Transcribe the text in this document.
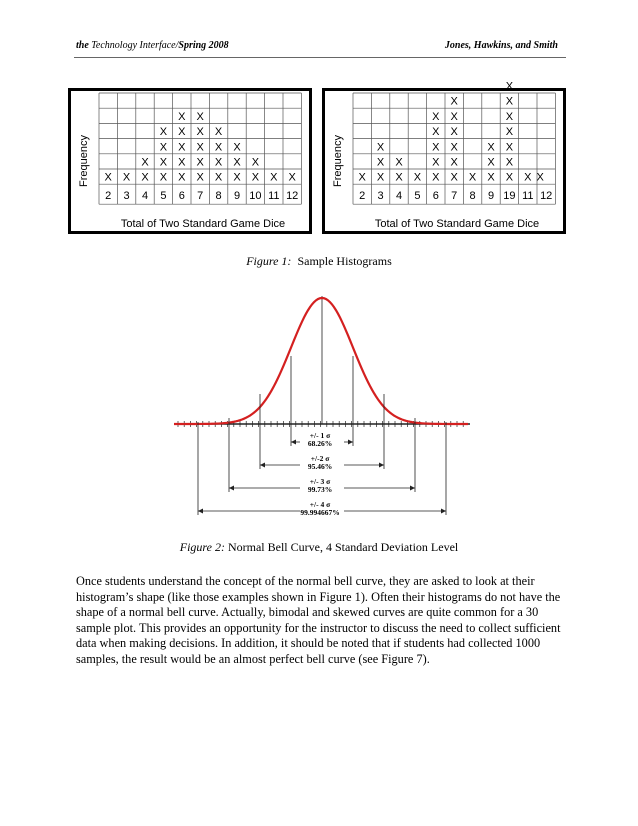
the Technology Interface/Spring 2008	Jones, Hawkins, and Smith
Frequency X X X
X
X
X
X
X
X
X
X
X
X
X
X
X
X
X
X
X
X
X
X
X
X
X
X
X X
2 3 4 5 6 7 8 9 10 11 12
Total of Two Standard Game Dice
Frequency X X
X
X
X
X
X X
X
X
X
X
X
X
X
X
X
X
X X
X
X
X
X
X
X
X
X
X
X X
2 3 4 5 6 7 8 9 19 11 12
Total of Two Standard Game Dice
Figure 1: Sample Histograms
+/- 1 σ
68.26%
+/-2 σ
95.46%
+/- 3 σ
99.73%
+/- 4 σ
99.994667%
Figure 2: Normal Bell Curve, 4 Standard Deviation Level
Once students understand the concept of the normal bell curve, they are asked to look at their histogram’s shape (like those examples shown in Figure 1). Often their histograms do not have the shape of a normal bell curve. Actually, bimodal and skewed curves are quite common for a 30 sample plot. This provides an opportunity for the instructor to discuss the need to collect sufficient data when making decisions. In addition, it should be noted that if students had collected 1000 samples, the result would be an almost perfect bell curve (see Figure 7).
